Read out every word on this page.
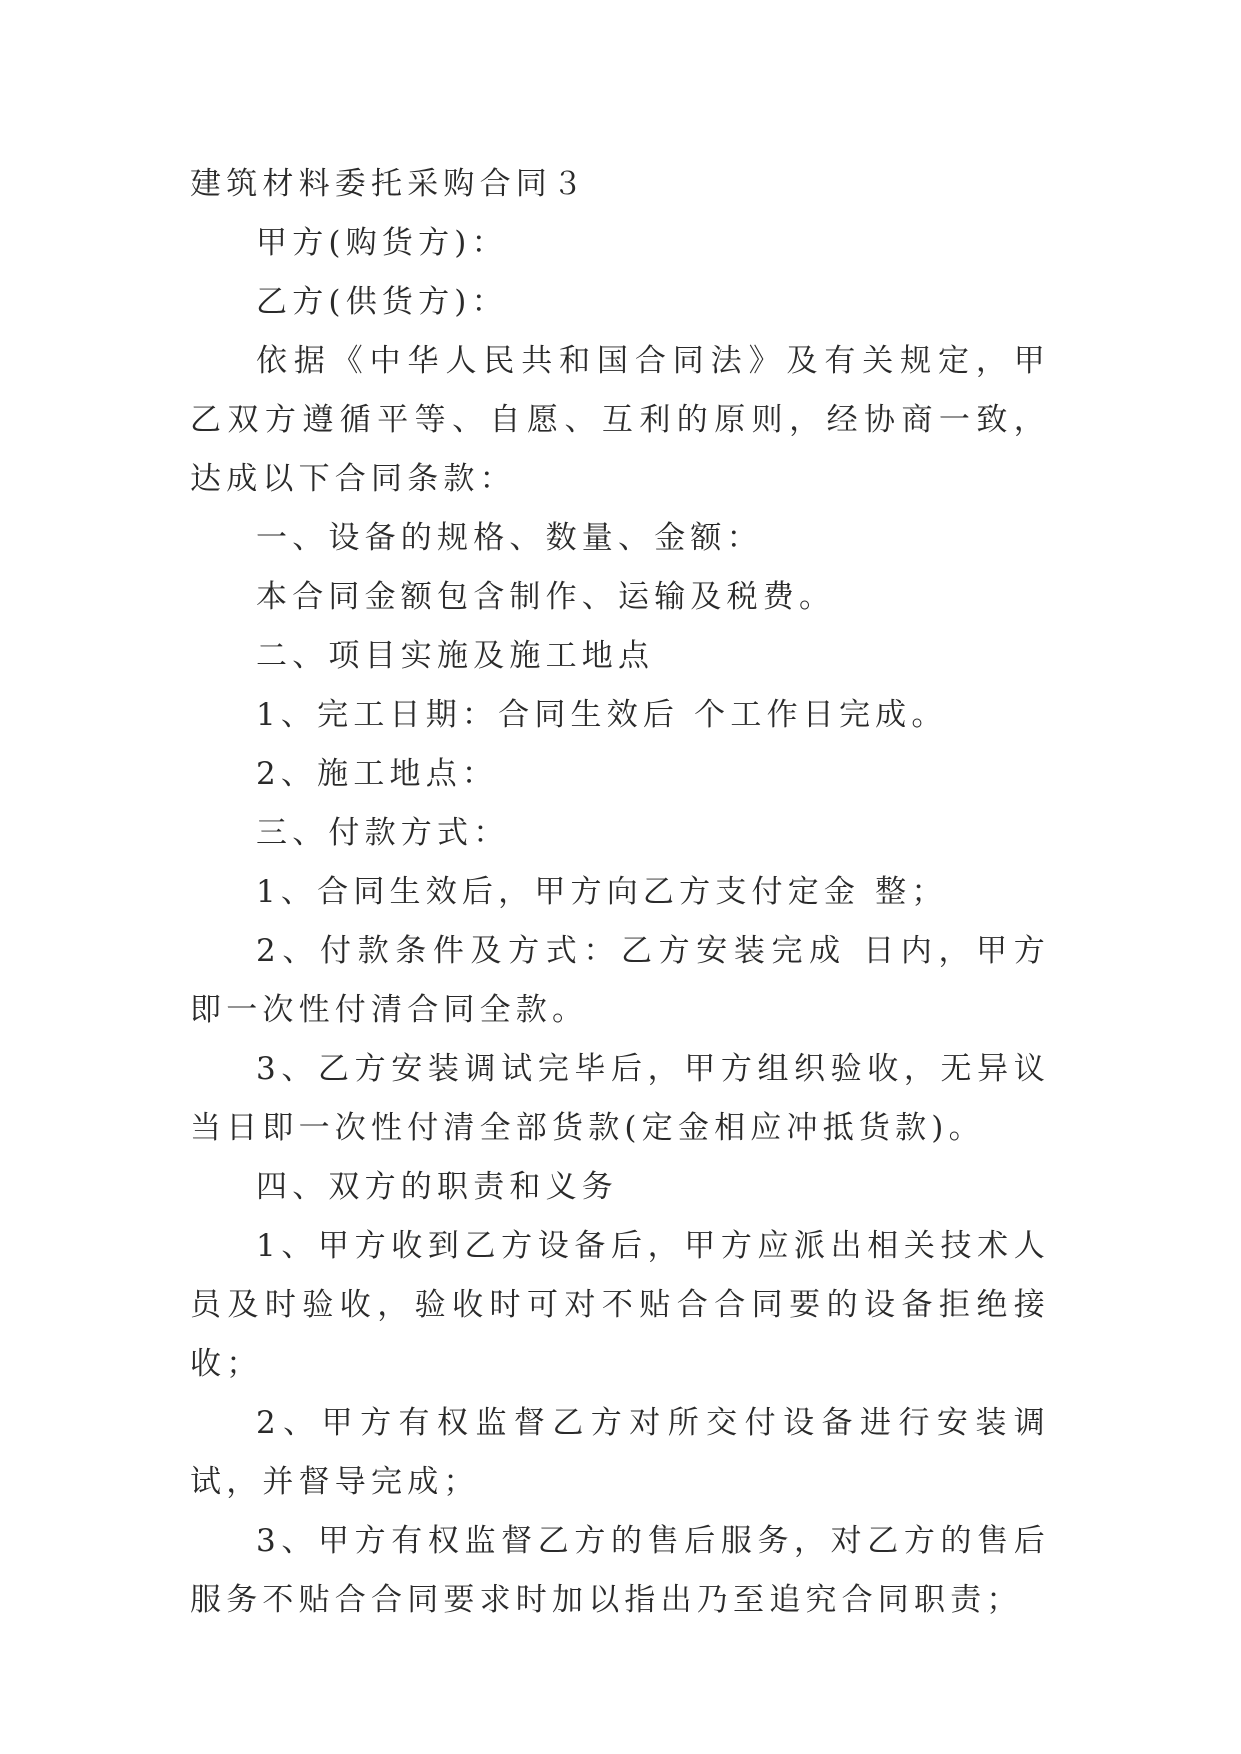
建筑材料委托采购合同３

甲方(购货方)：

乙方(供货方)：

依据《中华人民共和国合同法》及有关规定，甲乙双方遵循平等、自愿、互利的原则，经协商一致，达成以下合同条款：

一、设备的规格、数量、金额：

本合同金额包含制作、运输及税费。

二、项目实施及施工地点

1、完工日期：合同生效后 个工作日完成。

2、施工地点：

三、付款方式：

1、合同生效后，甲方向乙方支付定金 整；

2、付款条件及方式：乙方安装完成 日内，甲方即一次性付清合同全款。

3、乙方安装调试完毕后，甲方组织验收，无异议当日即一次性付清全部货款(定金相应冲抵货款)。

四、双方的职责和义务

1、甲方收到乙方设备后，甲方应派出相关技术人员及时验收，验收时可对不贴合合同要的设备拒绝接收；

2、甲方有权监督乙方对所交付设备进行安装调试，并督导完成；

3、甲方有权监督乙方的售后服务，对乙方的售后服务不贴合合同要求时加以指出乃至追究合同职责；
